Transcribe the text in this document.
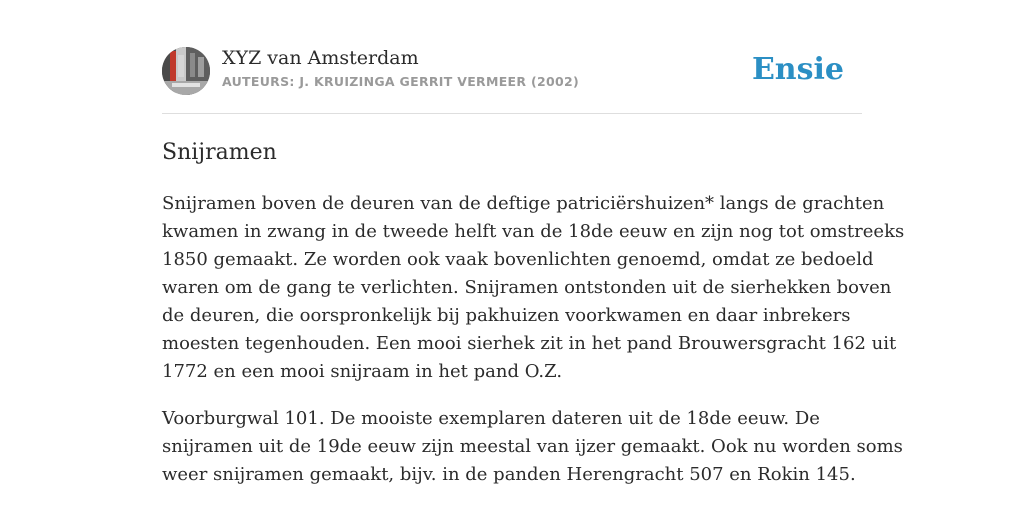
XYZ van Amsterdam
AUTEURS: J. KRUIZINGA GERRIT VERMEER (2002)	Ensie
Snijramen
Snijramen boven de deuren van de deftige patriciërshuizen* langs de grachten
kwamen in zwang in de tweede helft van de 18de eeuw en zijn nog tot omstreeks
1850 gemaakt. Ze worden ook vaak bovenlichten genoemd, omdat ze bedoeld
waren om de gang te verlichten. Snijramen ontstonden uit de sierhekken boven
de deuren, die oorspronkelijk bij pakhuizen voorkwamen en daar inbrekers
moesten tegenhouden. Een mooi sierhek zit in het pand Brouwersgracht 162 uit
1772 en een mooi snijraam in het pand O.Z.
Voorburgwal 101. De mooiste exemplaren dateren uit de 18de eeuw. De
snijramen uit de 19de eeuw zijn meestal van ijzer gemaakt. Ook nu worden soms
weer snijramen gemaakt, bijv. in de panden Herengracht 507 en Rokin 145.
